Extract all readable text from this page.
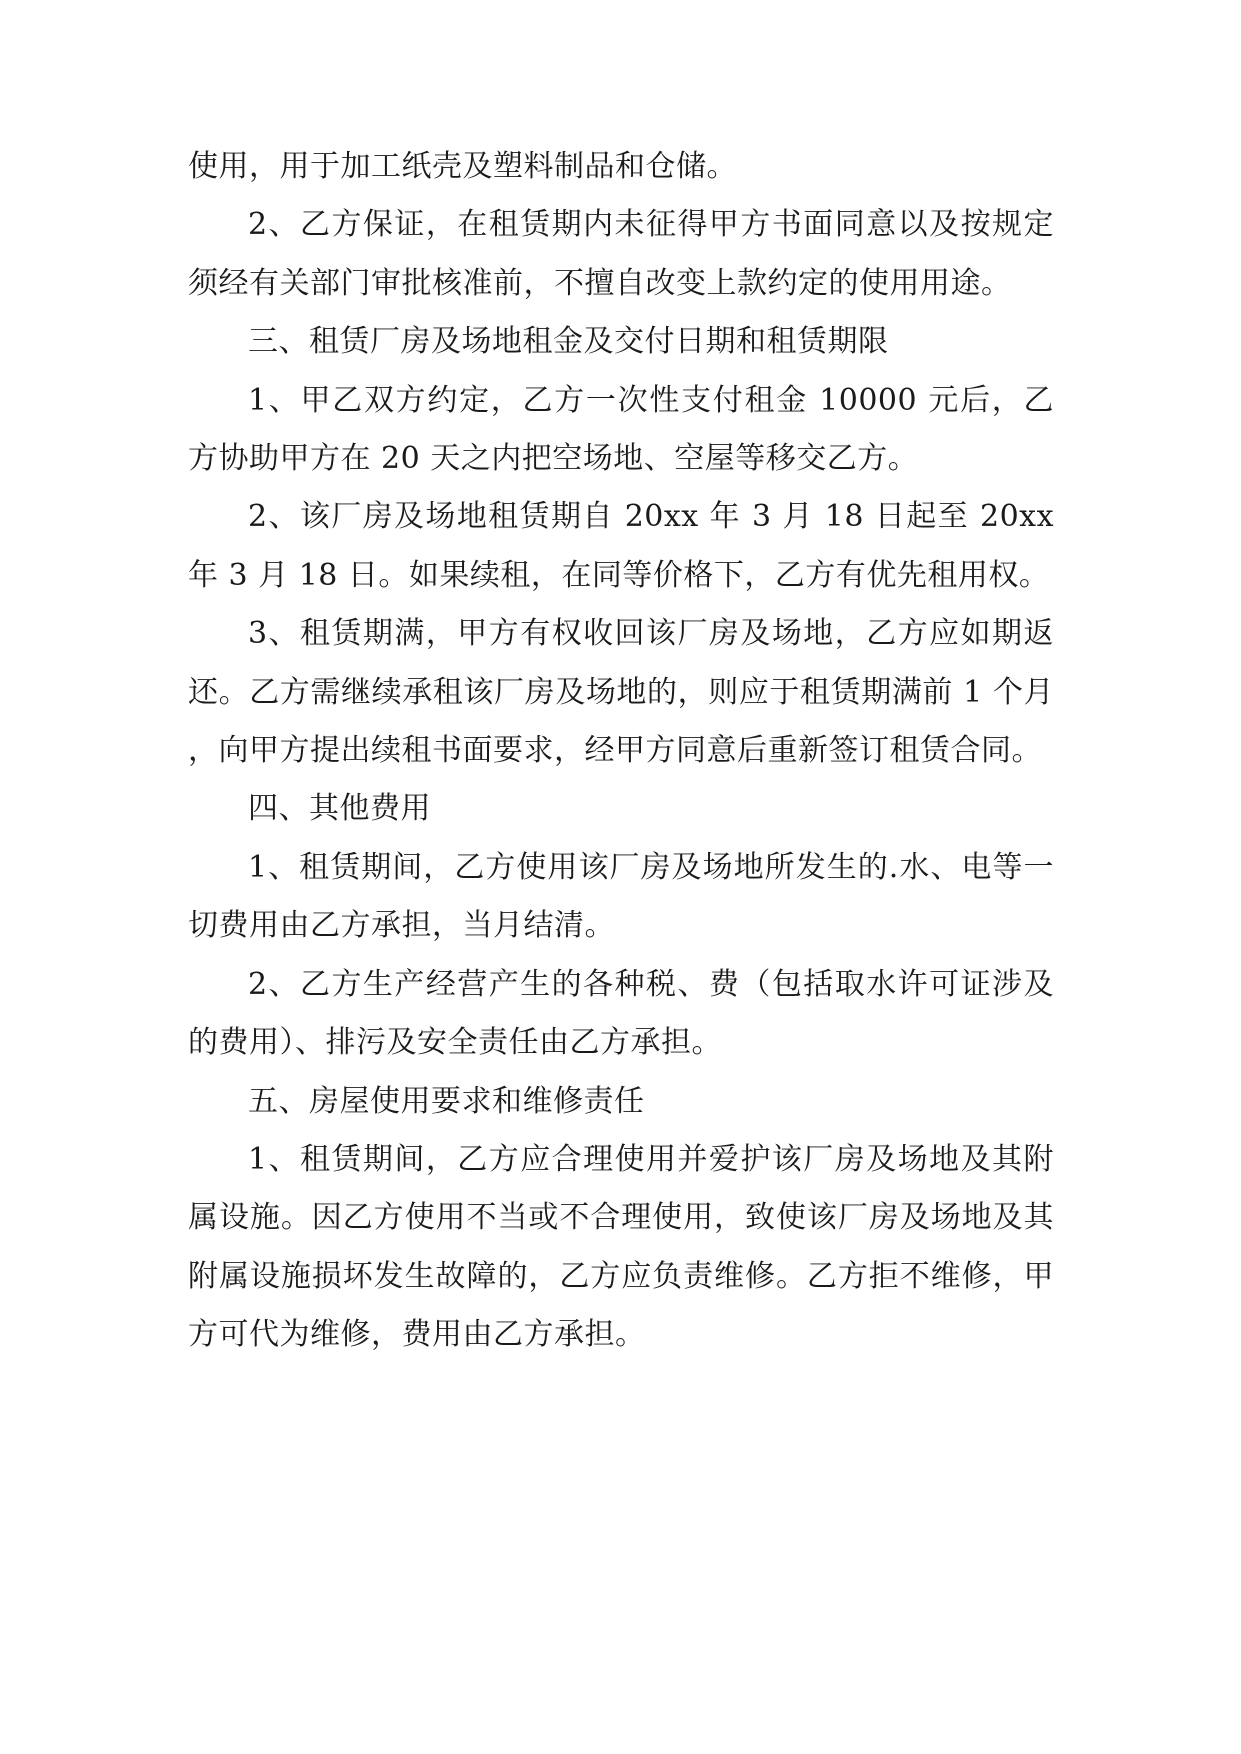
使用，用于加工纸壳及塑料制品和仓储。

2、乙方保证，在租赁期内未征得甲方书面同意以及按规定须经有关部门审批核准前，不擅自改变上款约定的使用用途。

三、租赁厂房及场地租金及交付日期和租赁期限

1、甲乙双方约定，乙方一次性支付租金 10000 元后，乙方协助甲方在 20 天之内把空场地、空屋等移交乙方。

2、该厂房及场地租赁期自 20xx 年 3 月 18 日起至 20xx 年 3 月 18 日。如果续租，在同等价格下，乙方有优先租用权。

3、租赁期满，甲方有权收回该厂房及场地，乙方应如期返还。乙方需继续承租该厂房及场地的，则应于租赁期满前 1 个月，向甲方提出续租书面要求，经甲方同意后重新签订租赁合同。

四、其他费用

1、租赁期间，乙方使用该厂房及场地所发生的.水、电等一切费用由乙方承担，当月结清。

2、乙方生产经营产生的各种税、费（包括取水许可证涉及的费用）、排污及安全责任由乙方承担。

五、房屋使用要求和维修责任

1、租赁期间，乙方应合理使用并爱护该厂房及场地及其附属设施。因乙方使用不当或不合理使用，致使该厂房及场地及其附属设施损坏发生故障的，乙方应负责维修。乙方拒不维修，甲方可代为维修，费用由乙方承担。
